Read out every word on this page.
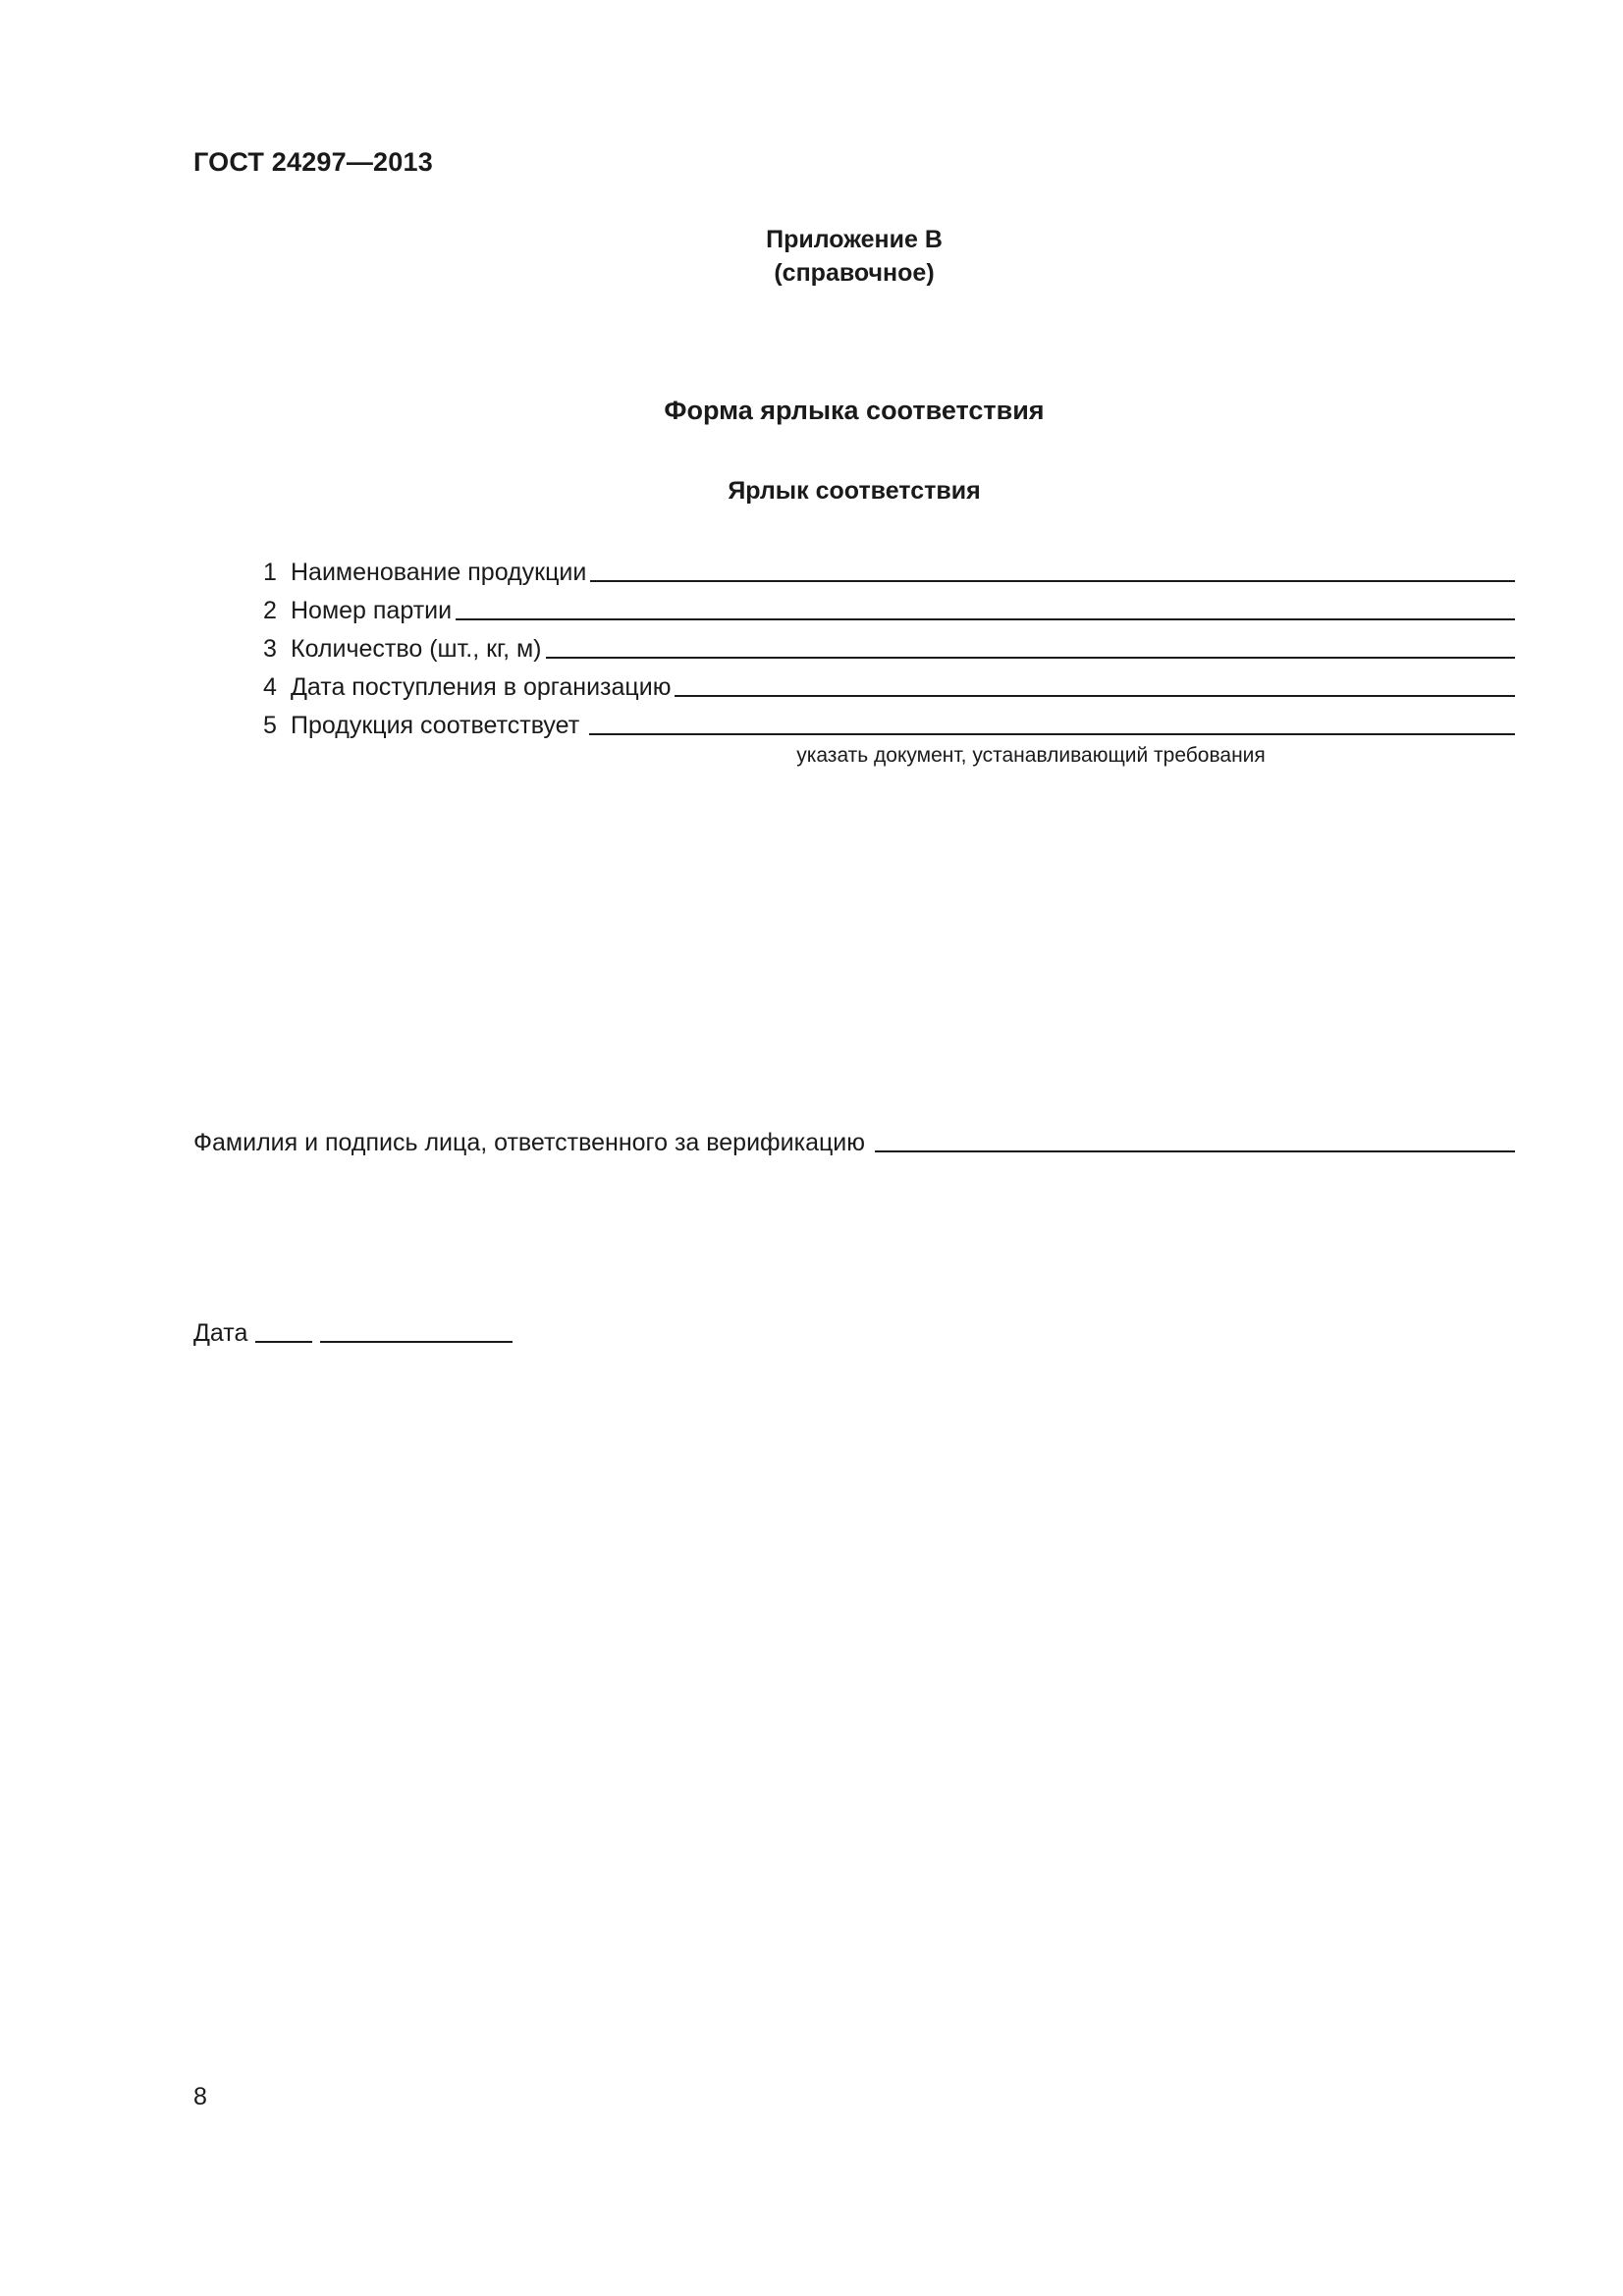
ГОСТ 24297—2013
Приложение В
(справочное)
Форма ярлыка соответствия
Ярлык соответствия
1 Наименование продукции
2 Номер партии
3 Количество (шт., кг, м)
4 Дата поступления в организацию
5 Продукция соответствует
указать документ, устанавливающий требования
Фамилия и подпись лица, ответственного за верификацию
Дата
8
